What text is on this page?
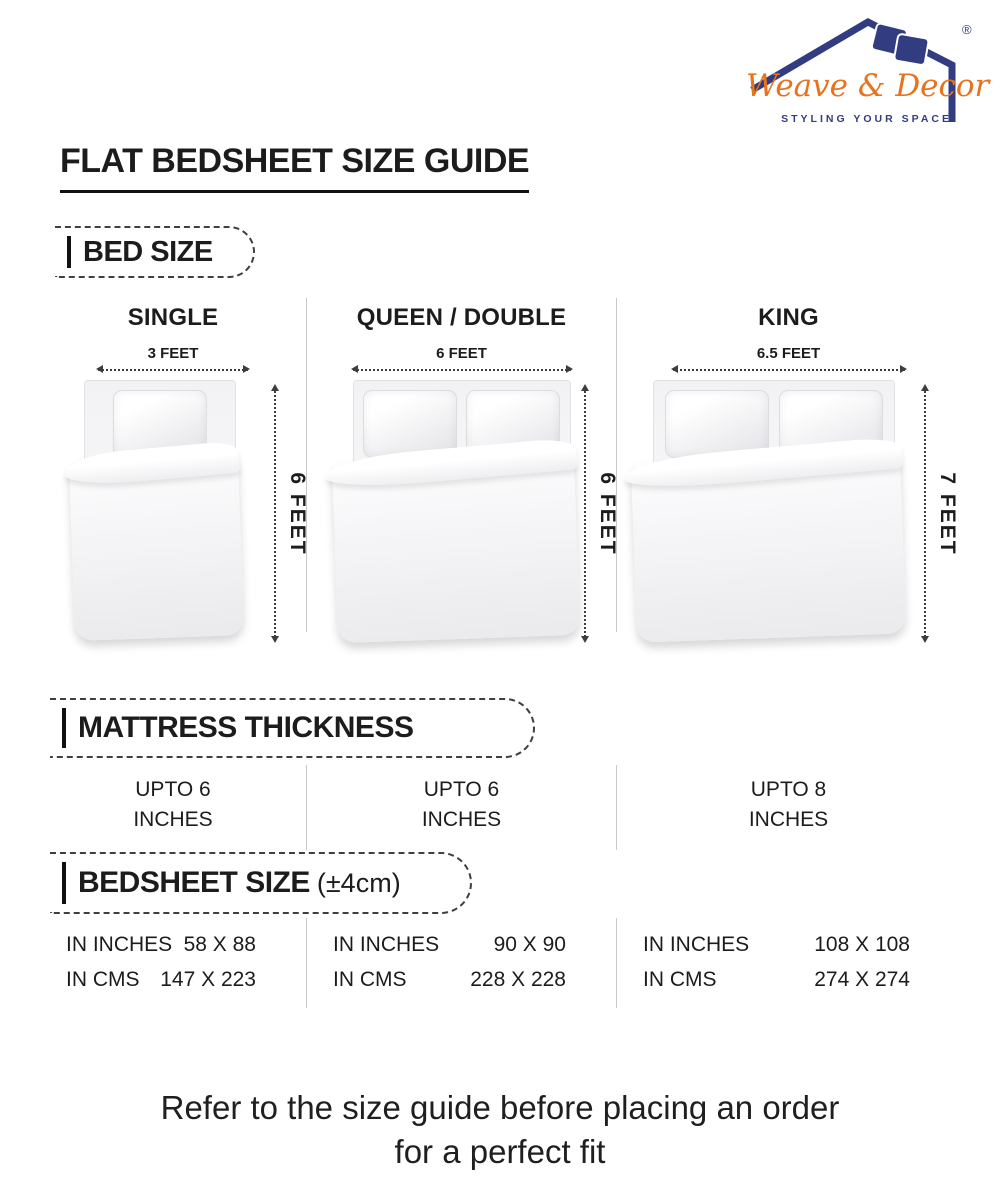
®
Weave & Decor
STYLING YOUR SPACE
FLAT BEDSHEET SIZE GUIDE
BED SIZE
SINGLE
3 FEET
6 FEET
QUEEN / DOUBLE
6 FEET
6 FEET
KING
6.5 FEET
7 FEET
MATTRESS THICKNESS
UPTO 6
INCHES
UPTO 6
INCHES
UPTO 8
INCHES
BEDSHEET SIZE (±4cm)
IN INCHES 58 X 88
IN CMS 147 X 223
IN INCHES	90 X 90
IN CMS	228 X 228
IN INCHES	108 X 108
IN CMS	274 X 274
Refer to the size guide before placing an order
for a perfect fit
